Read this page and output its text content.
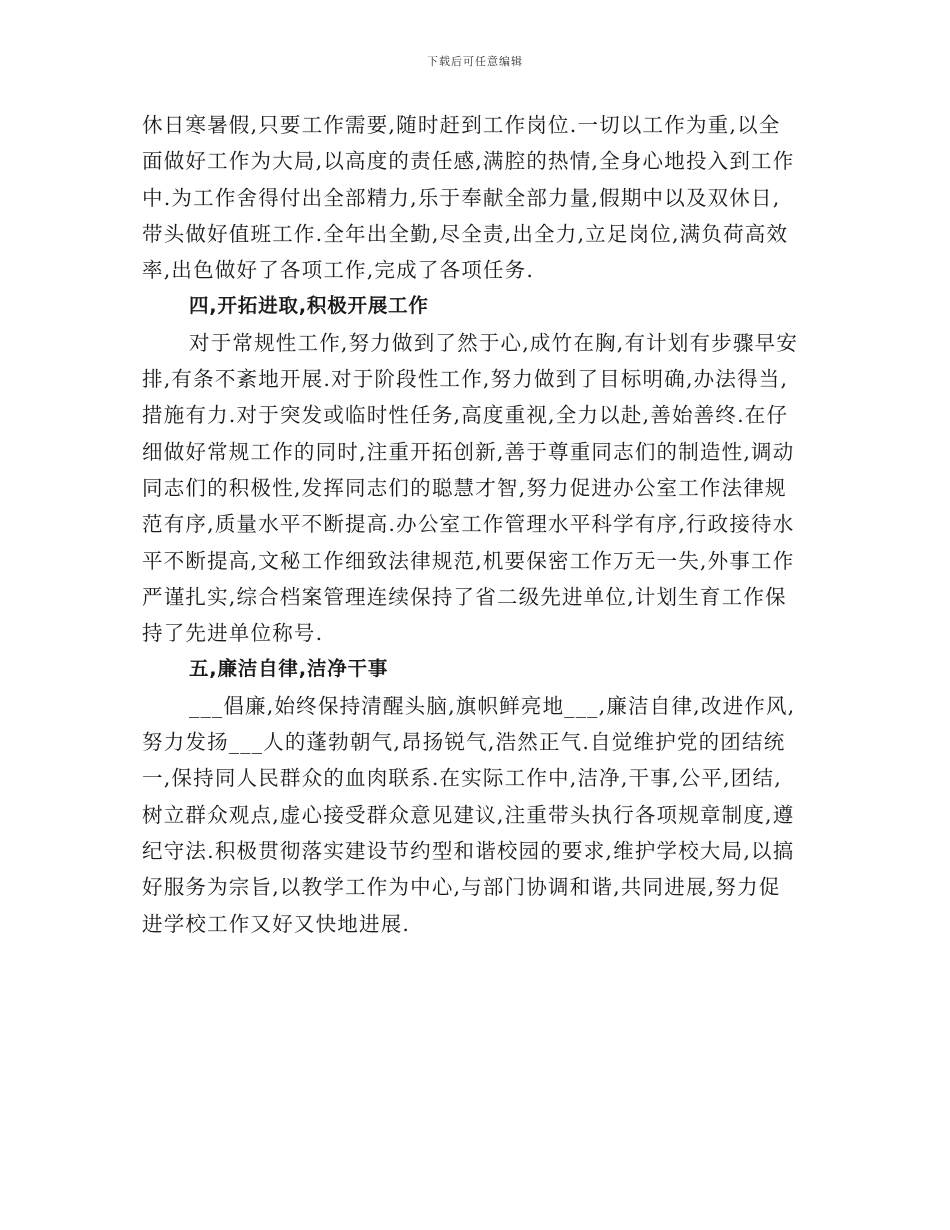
下载后可任意编辑
休日寒暑假,只要工作需要,随时赶到工作岗位.一切以工作为重,以全
面做好工作为大局,以高度的责任感,满腔的热情,全身心地投入到工作
中.为工作舍得付出全部精力,乐于奉献全部力量,假期中以及双休日,
带头做好值班工作.全年出全勤,尽全责,出全力,立足岗位,满负荷高效
率,出色做好了各项工作,完成了各项任务.
四,开拓进取,积极开展工作
对于常规性工作,努力做到了然于心,成竹在胸,有计划有步骤早安
排,有条不紊地开展.对于阶段性工作,努力做到了目标明确,办法得当,
措施有力.对于突发或临时性任务,高度重视,全力以赴,善始善终.在仔
细做好常规工作的同时,注重开拓创新,善于尊重同志们的制造性,调动
同志们的积极性,发挥同志们的聪慧才智,努力促进办公室工作法律规
范有序,质量水平不断提高.办公室工作管理水平科学有序,行政接待水
平不断提高,文秘工作细致法律规范,机要保密工作万无一失,外事工作
严谨扎实,综合档案管理连续保持了省二级先进单位,计划生育工作保
持了先进单位称号.
五,廉洁自律,洁净干事
___倡廉,始终保持清醒头脑,旗帜鲜亮地___,廉洁自律,改进作风,
努力发扬___人的蓬勃朝气,昂扬锐气,浩然正气.自觉维护党的团结统
一,保持同人民群众的血肉联系.在实际工作中,洁净,干事,公平,团结,
树立群众观点,虚心接受群众意见建议,注重带头执行各项规章制度,遵
纪守法.积极贯彻落实建设节约型和谐校园的要求,维护学校大局,以搞
好服务为宗旨,以教学工作为中心,与部门协调和谐,共同进展,努力促
进学校工作又好又快地进展.
